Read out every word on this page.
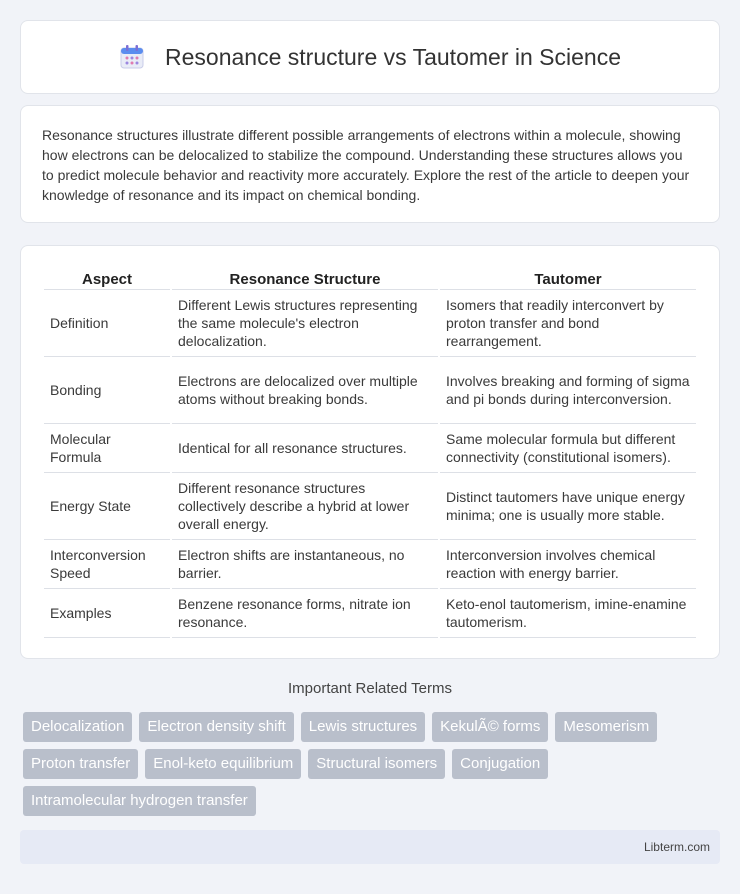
Resonance structure vs Tautomer in Science

Resonance structures illustrate different possible arrangements of electrons within a molecule, showing how electrons can be delocalized to stabilize the compound. Understanding these structures allows you to predict molecule behavior and reactivity more accurately. Explore the rest of the article to deepen your knowledge of resonance and its impact on chemical bonding.

Aspect	Resonance Structure	Tautomer
Definition	Different Lewis structures representing the same molecule's electron delocalization.	Isomers that readily interconvert by proton transfer and bond rearrangement.
Bonding	Electrons are delocalized over multiple atoms without breaking bonds.	Involves breaking and forming of sigma and pi bonds during interconversion.
Molecular Formula	Identical for all resonance structures.	Same molecular formula but different connectivity (constitutional isomers).
Energy State	Different resonance structures collectively describe a hybrid at lower overall energy.	Distinct tautomers have unique energy minima; one is usually more stable.
Interconversion Speed	Electron shifts are instantaneous, no barrier.	Interconversion involves chemical reaction with energy barrier.
Examples	Benzene resonance forms, nitrate ion resonance.	Keto-enol tautomerism, imine-enamine tautomerism.
Important Related Terms
Delocalization	Electron density shift	Lewis structures	KekulÃ© forms	Mesomerism
Proton transfer	Enol-keto equilibrium	Structural isomers	Conjugation
Intramolecular hydrogen transfer
Libterm.com
